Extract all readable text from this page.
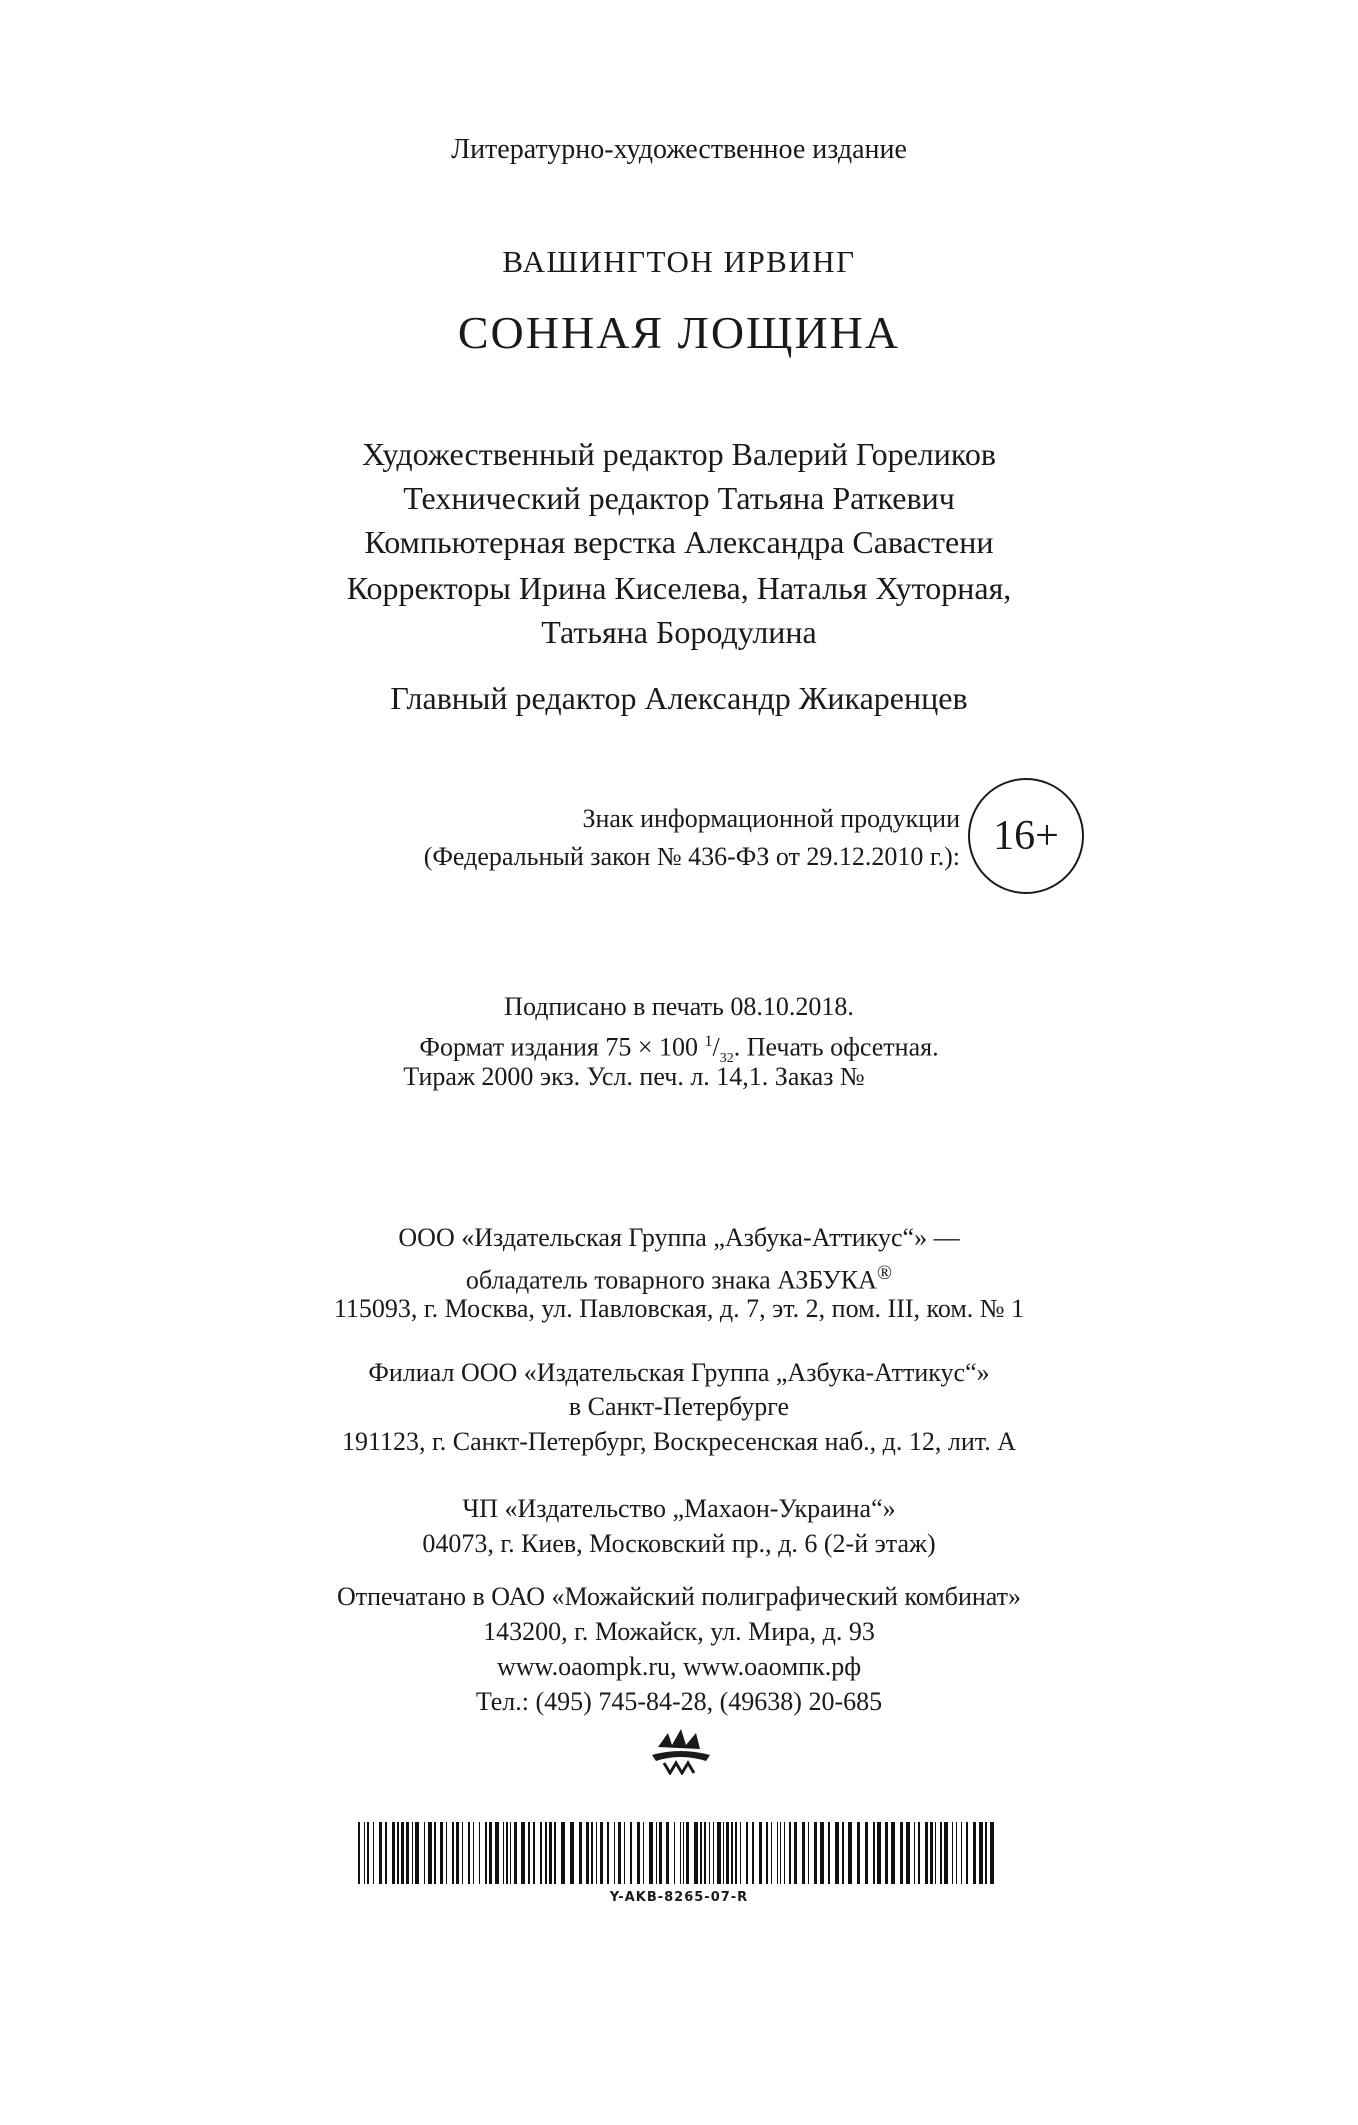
Литературно-художественное издание
ВАШИНГТОН ИРВИНГ
СОННАЯ ЛОЩИНА
Художественный редактор Валерий Гореликов
Технический редактор Татьяна Раткевич
Компьютерная верстка Александра Савастени
Корректоры Ирина Киселева, Наталья Хуторная,
Татьяна Бородулина
Главный редактор Александр Жикаренцев
Знак информационной продукции
(Федеральный закон № 436-ФЗ от 29.12.2010 г.): 16+
Подписано в печать 08.10.2018.
Формат издания 75 × 100 $^1/_{32}$. Печать офсетная.
Тираж 2000 экз. Усл. печ. л. 14,1. Заказ №
ООО «Издательская Группа „Азбука-Аттикус“» —
обладатель товарного знака АЗБУКА®
115093, г. Москва, ул. Павловская, д. 7, эт. 2, пом. III, ком. № 1
Филиал ООО «Издательская Группа „Азбука-Аттикус“»
в Санкт-Петербурге
191123, г. Санкт-Петербург, Воскресенская наб., д. 12, лит. А
ЧП «Издательство „Махаон-Украина“»
04073, г. Киев, Московский пр., д. 6 (2-й этаж)
Отпечатано в ОАО «Можайский полиграфический комбинат»
143200, г. Можайск, ул. Мира, д. 93
www.oaompk.ru, www.oaoмпк.рф
Тел.: (495) 745-84-28, (49638) 20-685
Y-AKB-8265-07-R
